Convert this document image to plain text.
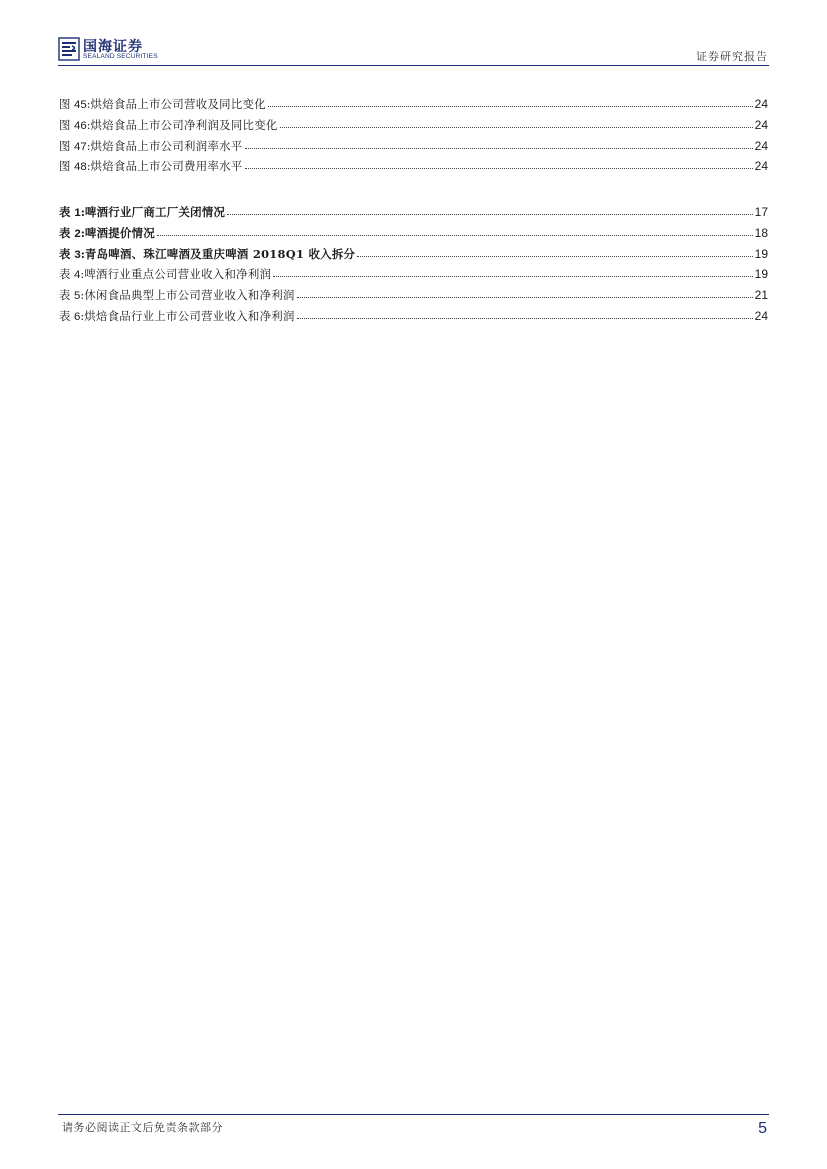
国海证券
SEALAND SECURITIES	证券研究报告
图 45: 烘焙食品上市公司营收及同比变化	24
图 46: 烘焙食品上市公司净利润及同比变化	24
图 47: 烘焙食品上市公司利润率水平	24
图 48: 烘焙食品上市公司费用率水平	24
表 1: 啤酒行业厂商工厂关闭情况	17
表 2: 啤酒提价情况	18
表 3: 青岛啤酒、珠江啤酒及重庆啤酒 2018Q1 收入拆分	19
表 4: 啤酒行业重点公司营业收入和净利润	19
表 5: 休闲食品典型上市公司营业收入和净利润	21
表 6: 烘焙食品行业上市公司营业收入和净利润	24
请务必阅读正文后免责条款部分	5
